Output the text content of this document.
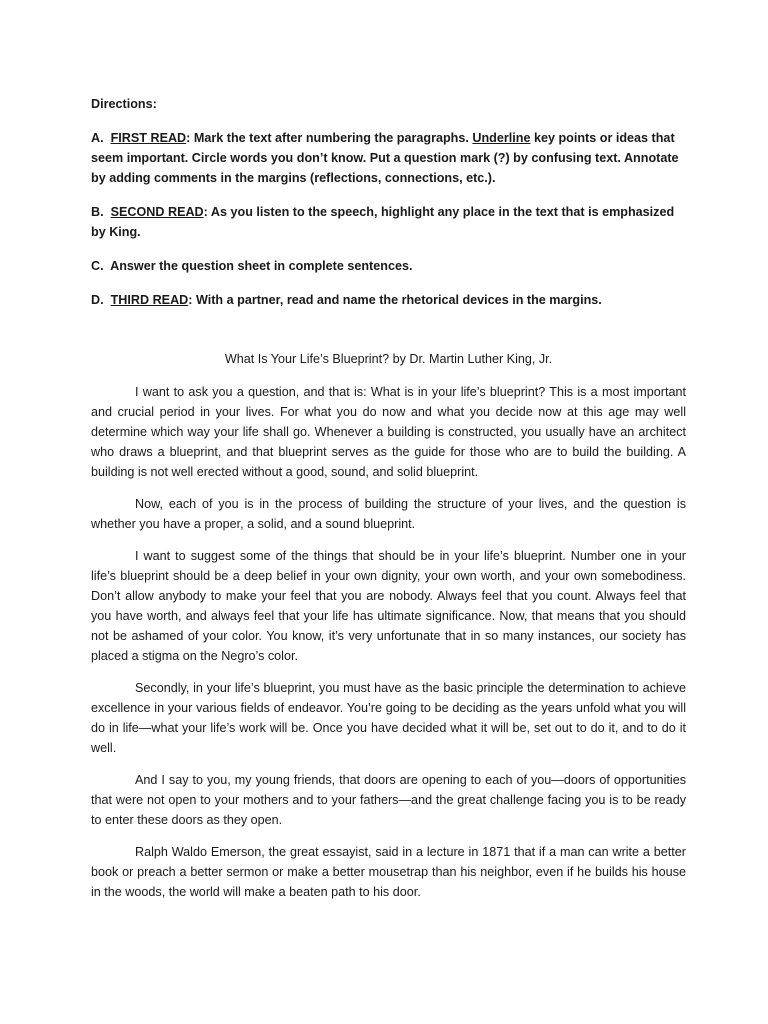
Directions:

A. FIRST READ: Mark the text after numbering the paragraphs. Underline key points or ideas that seem important. Circle words you don’t know. Put a question mark (?) by confusing text. Annotate by adding comments in the margins (reflections, connections, etc.).

B. SECOND READ: As you listen to the speech, highlight any place in the text that is emphasized by King.

C. Answer the question sheet in complete sentences.

D. THIRD READ: With a partner, read and name the rhetorical devices in the margins.

What Is Your Life’s Blueprint? by Dr. Martin Luther King, Jr.

I want to ask you a question, and that is: What is in your life’s blueprint? This is a most important and crucial period in your lives. For what you do now and what you decide now at this age may well determine which way your life shall go. Whenever a building is constructed, you usually have an architect who draws a blueprint, and that blueprint serves as the guide for those who are to build the building. A building is not well erected without a good, sound, and solid blueprint.

Now, each of you is in the process of building the structure of your lives, and the question is whether you have a proper, a solid, and a sound blueprint.

I want to suggest some of the things that should be in your life’s blueprint. Number one in your life’s blueprint should be a deep belief in your own dignity, your own worth, and your own somebodiness. Don’t allow anybody to make your feel that you are nobody. Always feel that you count. Always feel that you have worth, and always feel that your life has ultimate significance. Now, that means that you should not be ashamed of your color. You know, it’s very unfortunate that in so many instances, our society has placed a stigma on the Negro’s color.

Secondly, in your life’s blueprint, you must have as the basic principle the determination to achieve excellence in your various fields of endeavor. You’re going to be deciding as the years unfold what you will do in life—what your life’s work will be. Once you have decided what it will be, set out to do it, and to do it well.

And I say to you, my young friends, that doors are opening to each of you—doors of opportunities that were not open to your mothers and to your fathers—and the great challenge facing you is to be ready to enter these doors as they open.

Ralph Waldo Emerson, the great essayist, said in a lecture in 1871 that if a man can write a better book or preach a better sermon or make a better mousetrap than his neighbor, even if he builds his house in the woods, the world will make a beaten path to his door.
